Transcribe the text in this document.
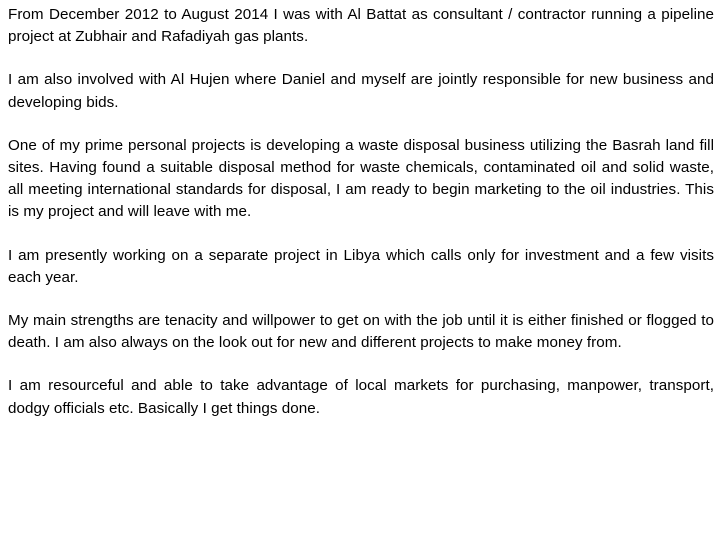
From December 2012 to August 2014 I was with Al Battat as consultant / contractor running a pipeline project at Zubhair and Rafadiyah gas plants.

I am also involved with Al Hujen where Daniel and myself are jointly responsible for new business and developing bids.

One of my prime personal projects is developing a waste disposal business utilizing the Basrah land fill sites. Having found a suitable disposal method for waste chemicals, contaminated oil and solid waste, all meeting international standards for disposal, I am ready to begin marketing to the oil industries. This is my project and will leave with me.

I am presently working on a separate project in Libya which calls only for investment and a few visits each year.

My main strengths are tenacity and willpower to get on with the job until it is either finished or flogged to death. I am also always on the look out for new and different projects to make money from.

I am resourceful and able to take advantage of local markets for purchasing, manpower, transport, dodgy officials etc. Basically I get things done.
